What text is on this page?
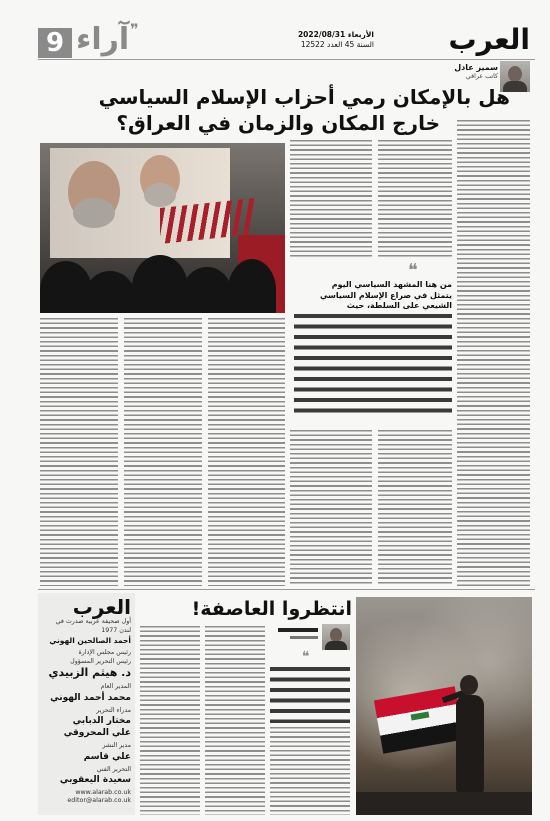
9 آراء ❞	الأربعاء 2022/08/31
السنة 45 العدد 12522	العرب
سمير عادل
كاتب عراقي
هل بالإمكان رمي أحزاب الإسلام السياسي
خارج المكان والزمان في العراق؟
❝
من هنا المشهد السياسي اليوم
يتمثل في صراع الإسلام السياسي
الشيعي على السلطة، حيث
العرب
أول صحيفة عربية صدرت في لندن 1977
أحمد الصالحين الهوني
رئيس مجلس الإدارة
رئيس التحرير المسؤول
د. هيثم الزبيدي
المدير العام
محمد أحمد الهوني
مدراء التحرير
مختار الدبابي
علي المحروقي
مدير النشر
علي قاسم
التحرير الفني
سعيدة اليعقوبي
www.alarab.co.uk
editor@alarab.co.uk
انتظروا العاصفة!
❝
